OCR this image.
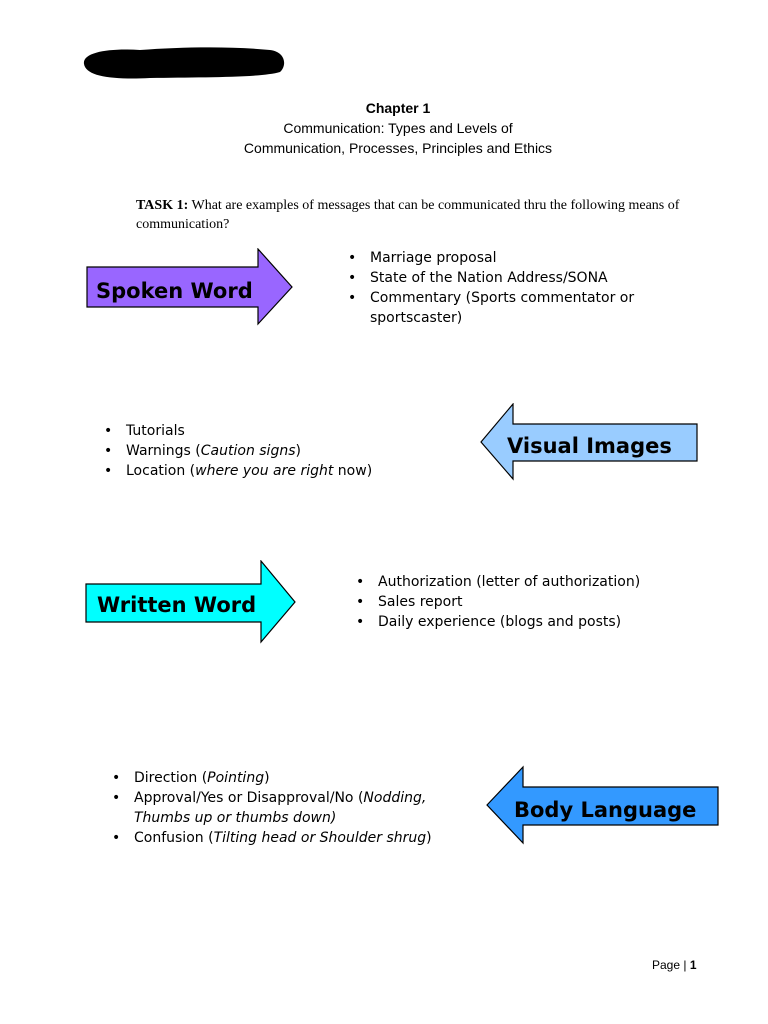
Chapter 1
Communication: Types and Levels of
Communication, Processes, Principles and Ethics
TASK 1: What are examples of messages that can be communicated thru the following means of communication?
Spoken Word
• Marriage proposal
• State of the Nation Address/SONA
• Commentary (Sports commentator or sportscaster)
Visual Images
• Tutorials
• Warnings (Caution signs)
• Location (where you are right now)
Written Word
• Authorization (letter of authorization)
• Sales report
• Daily experience (blogs and posts)
Body Language
• Direction (Pointing)
• Approval/Yes or Disapproval/No (Nodding, Thumbs up or thumbs down)
• Confusion (Tilting head or Shoulder shrug)
Page | 1
